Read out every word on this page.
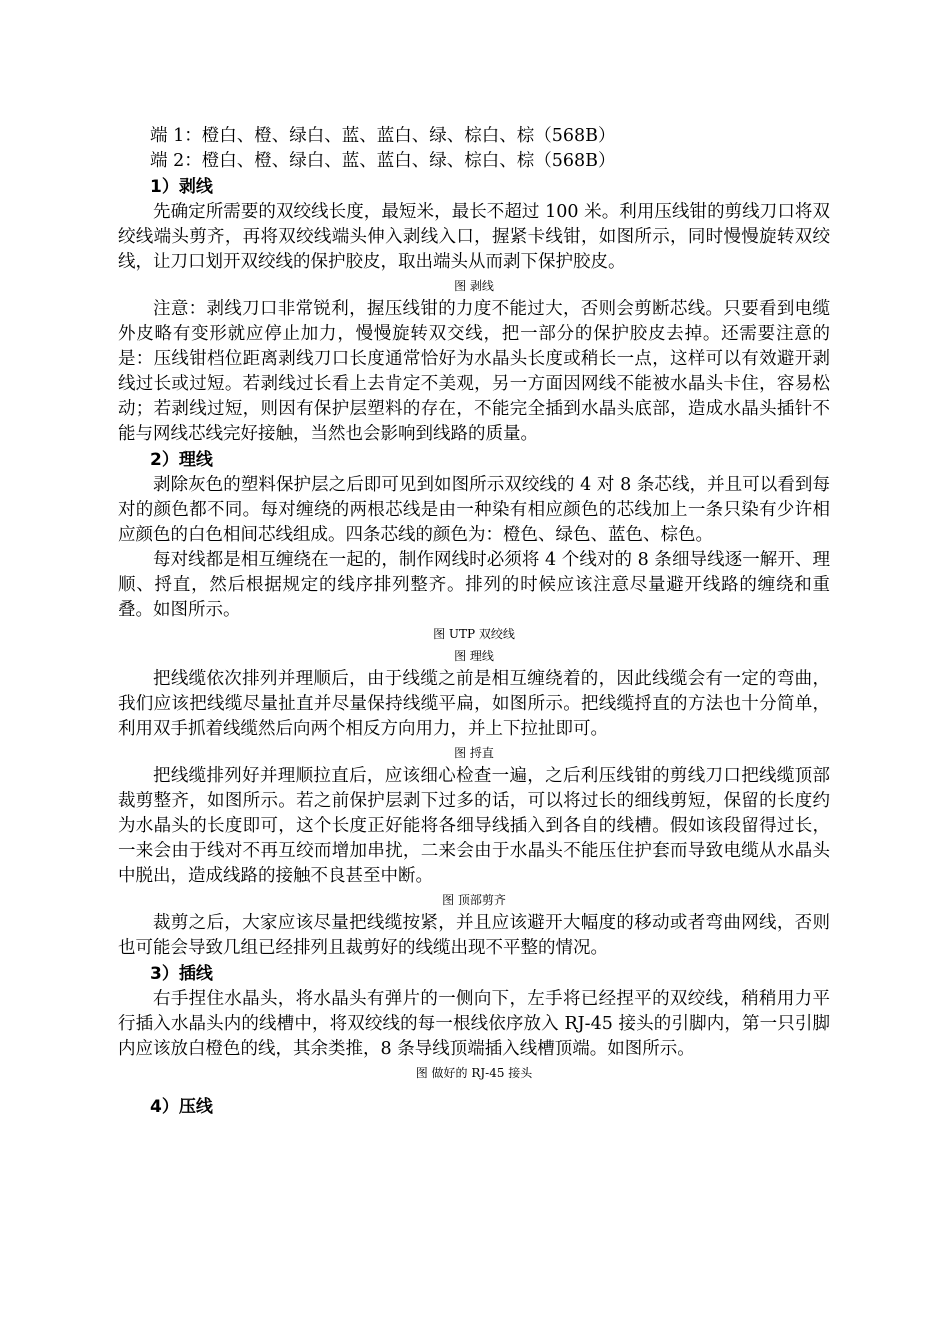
端 1：橙白、橙、绿白、蓝、蓝白、绿、棕白、棕（568B）
端 2：橙白、橙、绿白、蓝、蓝白、绿、棕白、棕（568B）
1）剥线
先确定所需要的双绞线长度，最短米，最长不超过 100 米。利用压线钳的剪线刀口将双绞线端头剪齐，再将双绞线端头伸入剥线入口，握紧卡线钳，如图所示，同时慢慢旋转双绞线，让刀口划开双绞线的保护胶皮，取出端头从而剥下保护胶皮。
图 剥线
注意：剥线刀口非常锐利，握压线钳的力度不能过大，否则会剪断芯线。只要看到电缆外皮略有变形就应停止加力，慢慢旋转双交线，把一部分的保护胶皮去掉。还需要注意的是：压线钳档位距离剥线刀口长度通常恰好为水晶头长度或稍长一点，这样可以有效避开剥线过长或过短。若剥线过长看上去肯定不美观，另一方面因网线不能被水晶头卡住，容易松动；若剥线过短，则因有保护层塑料的存在，不能完全插到水晶头底部，造成水晶头插针不能与网线芯线完好接触，当然也会影响到线路的质量。
2）理线
剥除灰色的塑料保护层之后即可见到如图所示双绞线的 4 对 8 条芯线，并且可以看到每对的颜色都不同。每对缠绕的两根芯线是由一种染有相应颜色的芯线加上一条只染有少许相应颜色的白色相间芯线组成。四条芯线的颜色为：橙色、绿色、蓝色、棕色。
每对线都是相互缠绕在一起的，制作网线时必须将 4 个线对的 8 条细导线逐一解开、理顺、捋直，然后根据规定的线序排列整齐。排列的时候应该注意尽量避开线路的缠绕和重叠。如图所示。
图 UTP 双绞线
图 理线
把线缆依次排列并理顺后，由于线缆之前是相互缠绕着的，因此线缆会有一定的弯曲，我们应该把线缆尽量扯直并尽量保持线缆平扁，如图所示。把线缆捋直的方法也十分简单，利用双手抓着线缆然后向两个相反方向用力，并上下拉扯即可。
图 捋直
把线缆排列好并理顺拉直后，应该细心检查一遍，之后利压线钳的剪线刀口把线缆顶部裁剪整齐，如图所示。若之前保护层剥下过多的话，可以将过长的细线剪短，保留的长度约为水晶头的长度即可，这个长度正好能将各细导线插入到各自的线槽。假如该段留得过长，一来会由于线对不再互绞而增加串扰，二来会由于水晶头不能压住护套而导致电缆从水晶头中脱出，造成线路的接触不良甚至中断。
图 顶部剪齐
裁剪之后，大家应该尽量把线缆按紧，并且应该避开大幅度的移动或者弯曲网线，否则也可能会导致几组已经排列且裁剪好的线缆出现不平整的情况。
3）插线
右手捏住水晶头，将水晶头有弹片的一侧向下，左手将已经捏平的双绞线，稍稍用力平行插入水晶头内的线槽中，将双绞线的每一根线依序放入 RJ-45 接头的引脚内，第一只引脚内应该放白橙色的线，其余类推，8 条导线顶端插入线槽顶端。如图所示。
图 做好的 RJ-45 接头
4）压线
